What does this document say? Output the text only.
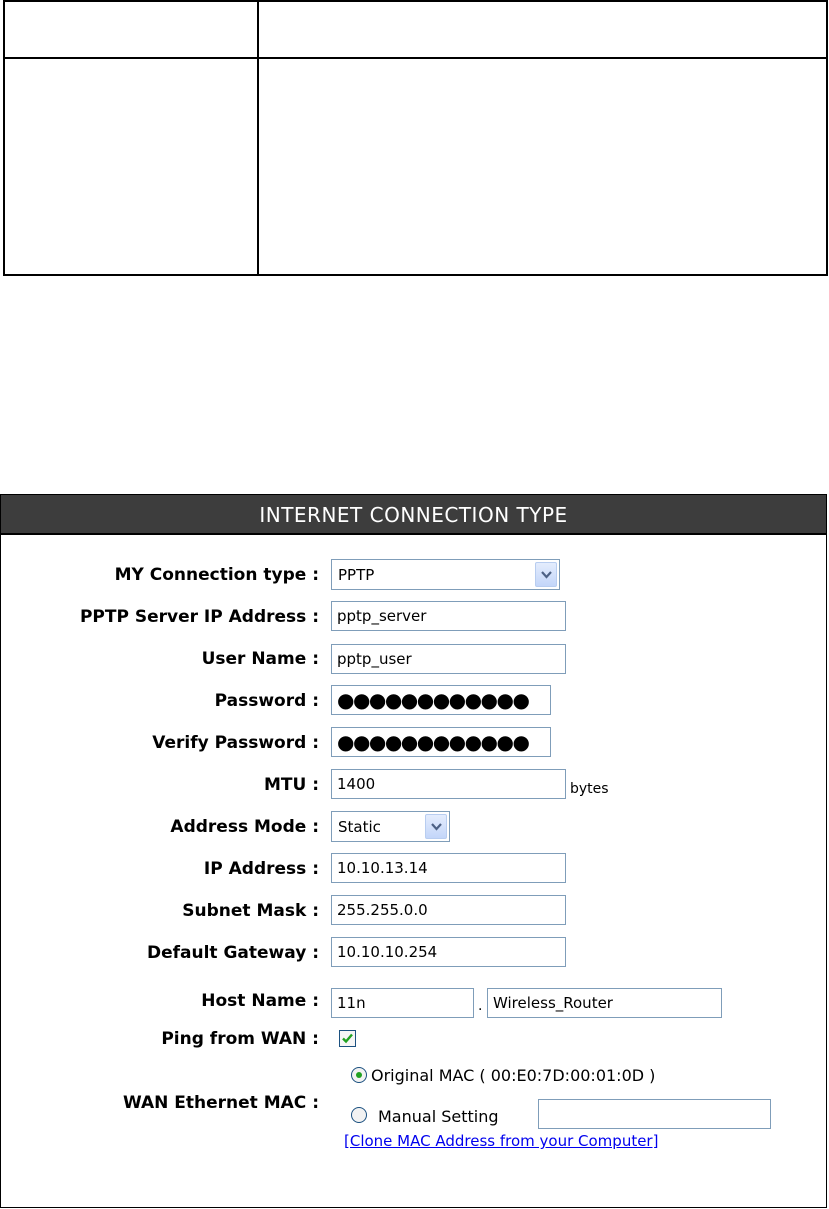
INTERNET CONNECTION TYPE
MY Connection type :	PPTP
PPTP Server IP Address :	pptp_server
User Name :	pptp_user
Password : ●●●●●●●●●●●●
Verify Password : ●●●●●●●●●●●●
MTU :	1400	bytes
Address Mode :	Static
IP Address :	10.10.13.14
Subnet Mask :	255.255.0.0
Default Gateway :	10.10.10.254
Host Name :	11n	. Wireless_Router
Ping from WAN :
WAN Ethernet MAC :
Original MAC ( 00:E0:7D:00:01:0D )
Manual Setting
[Clone MAC Address from your Computer]
